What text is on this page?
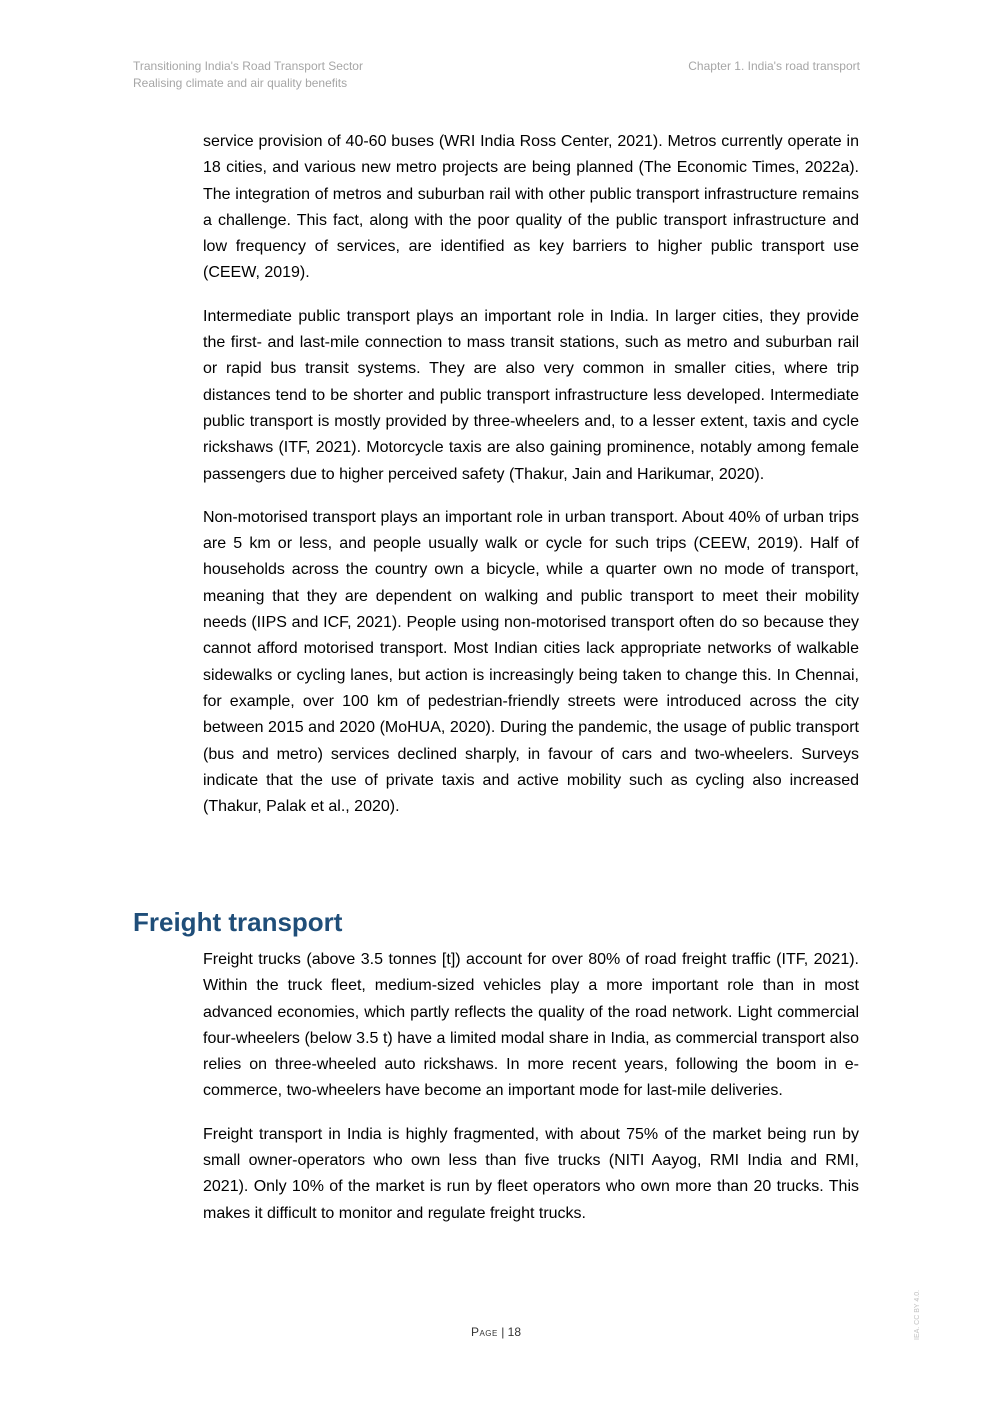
Transitioning India's Road Transport Sector
Realising climate and air quality benefits
Chapter 1. India's road transport

service provision of 40-60 buses (WRI India Ross Center, 2021). Metros currently operate in 18 cities, and various new metro projects are being planned (The Economic Times, 2022a). The integration of metros and suburban rail with other public transport infrastructure remains a challenge. This fact, along with the poor quality of the public transport infrastructure and low frequency of services, are identified as key barriers to higher public transport use (CEEW, 2019).

Intermediate public transport plays an important role in India. In larger cities, they provide the first- and last-mile connection to mass transit stations, such as metro and suburban rail or rapid bus transit systems. They are also very common in smaller cities, where trip distances tend to be shorter and public transport infrastructure less developed. Intermediate public transport is mostly provided by three-wheelers and, to a lesser extent, taxis and cycle rickshaws (ITF, 2021). Motorcycle taxis are also gaining prominence, notably among female passengers due to higher perceived safety (Thakur, Jain and Harikumar, 2020).

Non-motorised transport plays an important role in urban transport. About 40% of urban trips are 5 km or less, and people usually walk or cycle for such trips (CEEW, 2019). Half of households across the country own a bicycle, while a quarter own no mode of transport, meaning that they are dependent on walking and public transport to meet their mobility needs (IIPS and ICF, 2021). People using non-motorised transport often do so because they cannot afford motorised transport. Most Indian cities lack appropriate networks of walkable sidewalks or cycling lanes, but action is increasingly being taken to change this. In Chennai, for example, over 100 km of pedestrian-friendly streets were introduced across the city between 2015 and 2020 (MoHUA, 2020). During the pandemic, the usage of public transport (bus and metro) services declined sharply, in favour of cars and two-wheelers. Surveys indicate that the use of private taxis and active mobility such as cycling also increased (Thakur, Palak et al., 2020).

Freight transport

Freight trucks (above 3.5 tonnes [t]) account for over 80% of road freight traffic (ITF, 2021). Within the truck fleet, medium-sized vehicles play a more important role than in most advanced economies, which partly reflects the quality of the road network. Light commercial four-wheelers (below 3.5 t) have a limited modal share in India, as commercial transport also relies on three-wheeled auto rickshaws. In more recent years, following the boom in e-commerce, two-wheelers have become an important mode for last-mile deliveries.

Freight transport in India is highly fragmented, with about 75% of the market being run by small owner-operators who own less than five trucks (NITI Aayog, RMI India and RMI, 2021). Only 10% of the market is run by fleet operators who own more than 20 trucks. This makes it difficult to monitor and regulate freight trucks.

Page | 18	IEA. CC BY 4.0.
